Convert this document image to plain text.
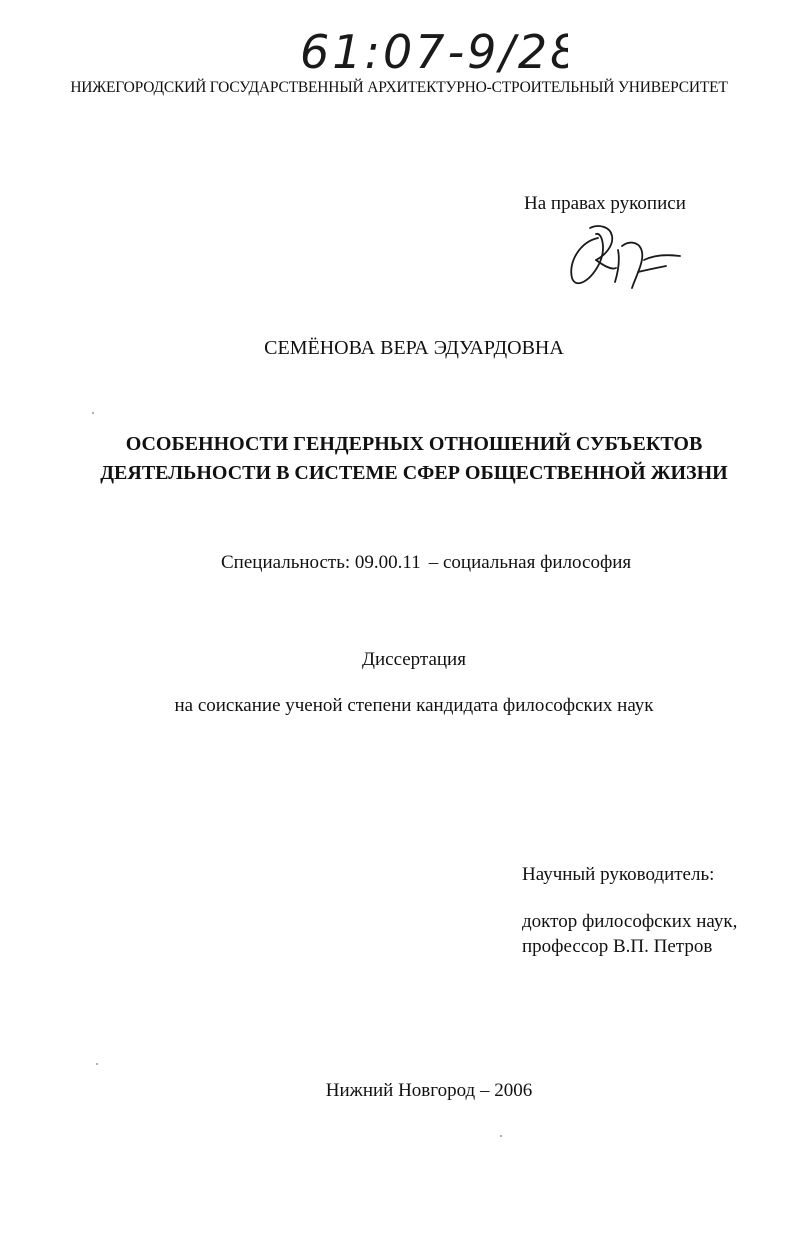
61:07-9/28
НИЖЕГОРОДСКИЙ ГОСУДАРСТВЕННЫЙ АРХИТЕКТУРНО-СТРОИТЕЛЬНЫЙ УНИВЕРСИТЕТ
На правах рукописи
СЕМЁНОВА ВЕРА ЭДУАРДОВНА
ОСОБЕННОСТИ ГЕНДЕРНЫХ ОТНОШЕНИЙ СУБЪЕКТОВ
ДЕЯТЕЛЬНОСТИ В СИСТЕМЕ СФЕР ОБЩЕСТВЕННОЙ ЖИЗНИ
Специальность: 09.00.11 – социальная философия
Диссертация
на соискание ученой степени кандидата философских наук
Научный руководитель:
доктор философских наук,
профессор В.П. Петров
Нижний Новгород – 2006
